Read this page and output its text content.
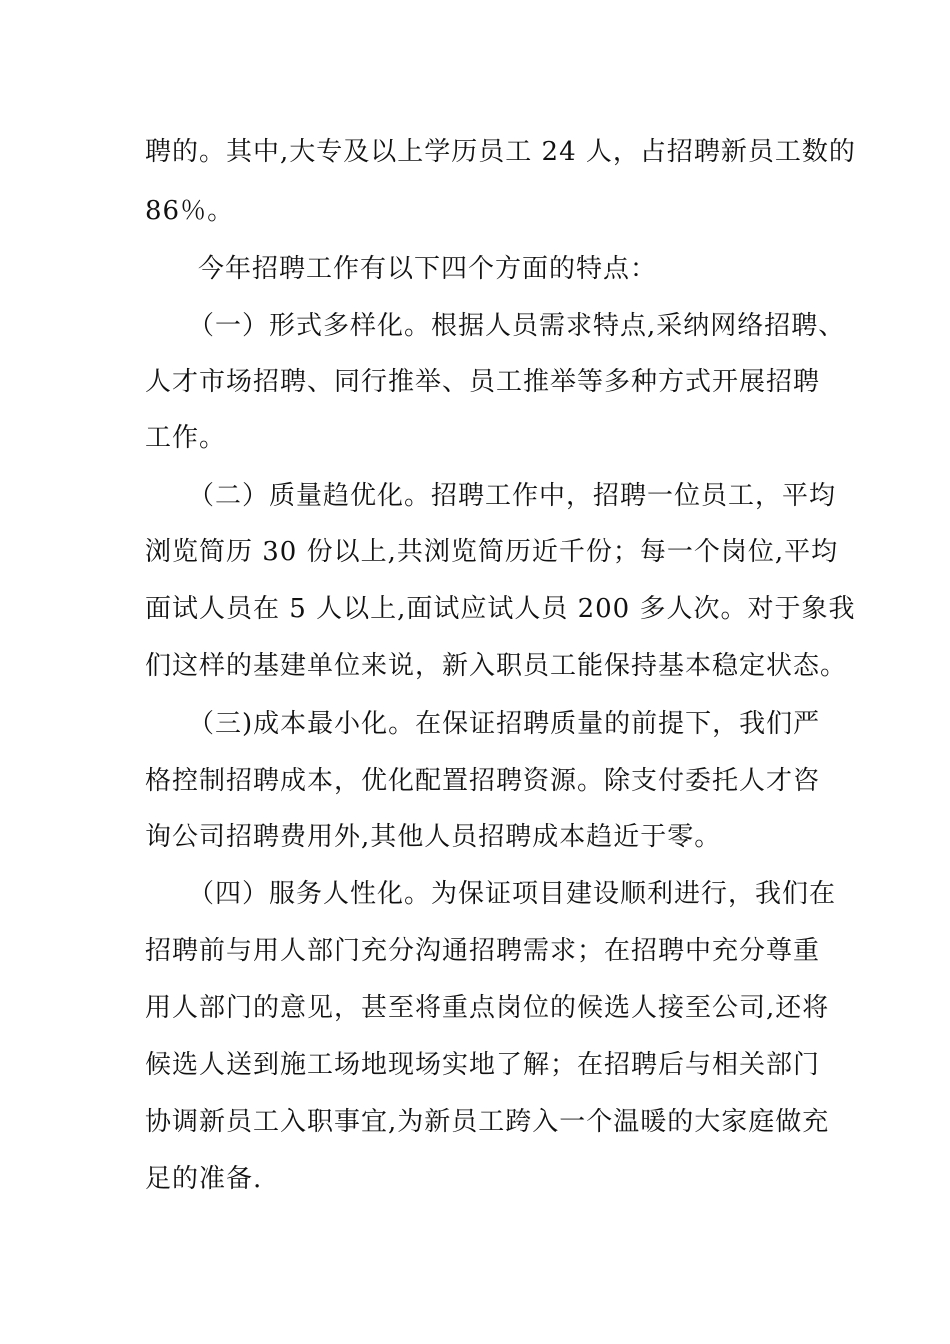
聘的。其中,大专及以上学历员工 24 人，占招聘新员工数的
86％。
今年招聘工作有以下四个方面的特点：
（一）形式多样化。根据人员需求特点,采纳网络招聘、
人才市场招聘、同行推举、员工推举等多种方式开展招聘
工作。
（二）质量趋优化。招聘工作中，招聘一位员工，平均
浏览简历 30 份以上,共浏览简历近千份；每一个岗位,平均
面试人员在 5 人以上,面试应试人员 200 多人次。对于象我
们这样的基建单位来说，新入职员工能保持基本稳定状态。
（三)成本最小化。在保证招聘质量的前提下，我们严
格控制招聘成本，优化配置招聘资源。除支付委托人才咨
询公司招聘费用外,其他人员招聘成本趋近于零。
（四）服务人性化。为保证项目建设顺利进行，我们在
招聘前与用人部门充分沟通招聘需求；在招聘中充分尊重
用人部门的意见，甚至将重点岗位的候选人接至公司,还将
候选人送到施工场地现场实地了解；在招聘后与相关部门
协调新员工入职事宜,为新员工跨入一个温暖的大家庭做充
足的准备.
